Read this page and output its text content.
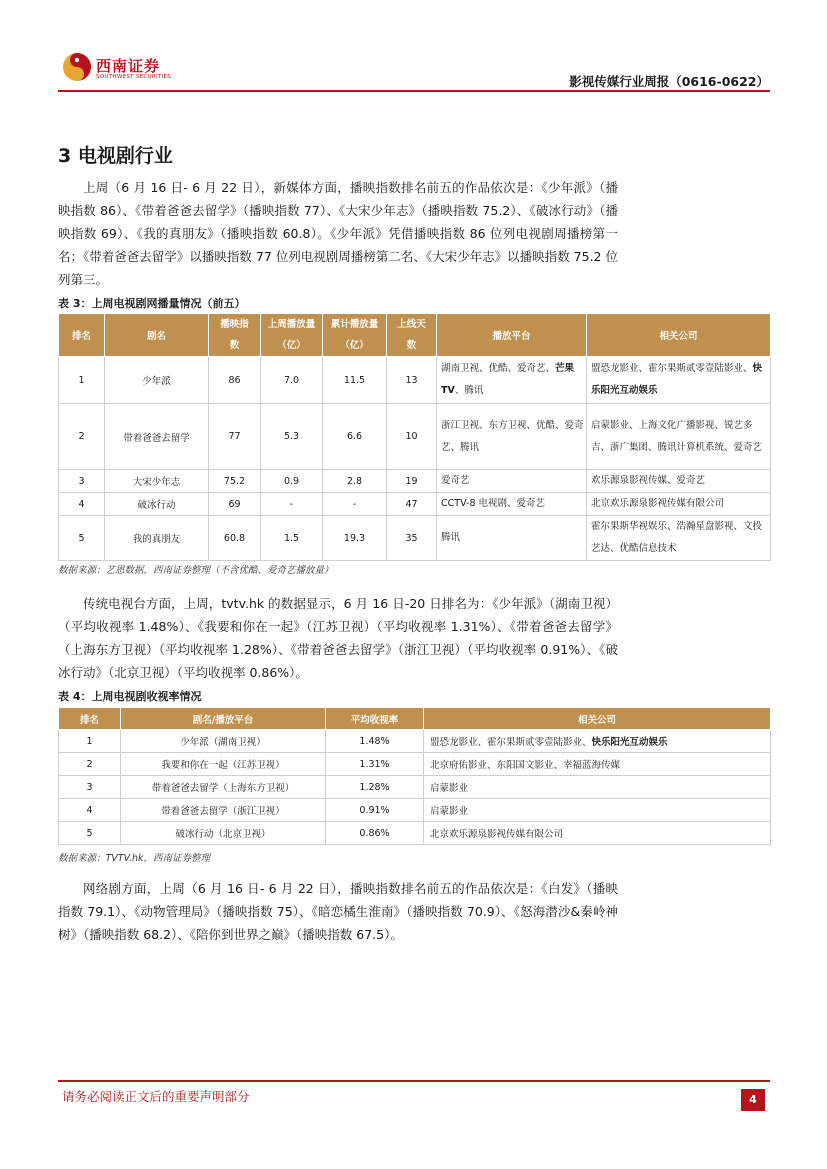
西南证券
SOUTHWEST SECURITIES	影视传媒行业周报（0616-0622）
3 电视剧行业

上周（6 月 16 日- 6 月 22 日），新媒体方面，播映指数排名前五的作品依次是：《少年派》（播映指数 86）、《带着爸爸去留学》（播映指数 77）、《大宋少年志》（播映指数 75.2）、《破冰行动》（播映指数 69）、《我的真朋友》（播映指数 60.8）。《少年派》凭借播映指数 86 位列电视剧周播榜第一名；《带着爸爸去留学》以播映指数 77 位列电视剧周播榜第二名、《大宋少年志》以播映指数 75.2 位列第三。

表 3：上周电视剧网播量情况（前五）
排名	剧名	播映指数	上周播放量（亿）	累计播放量（亿）	上线天数	播放平台	相关公司
1	少年派	86	7.0	11.5	13	湖南卫视、优酷、爱奇艺、芒果 TV、腾讯	盟恐龙影业、霍尔果斯贰零壹陆影业、快乐阳光互动娱乐
2	带着爸爸去留学	77	5.3	6.6	10	浙江卫视、东方卫视、优酷、爱奇艺、腾讯	启蒙影业、上海文化广播影视、锐艺多吉、浙广集团、腾讯计算机系统、爱奇艺
3	大宋少年志	75.2	0.9	2.8	19	爱奇艺	欢乐源泉影视传媒、爱奇艺
4	破冰行动	69	-	-	47	CCTV-8 电视剧、爱奇艺	北京欢乐源泉影视传媒有限公司
5	我的真朋友	60.8	1.5	19.3	35	腾讯	霍尔果斯华视娱乐、浩瀚星盘影视、文投艺达、优酷信息技术
数据来源：艺恩数据，西南证券整理（不含优酷、爱奇艺播放量）

传统电视台方面，上周，tvtv.hk 的数据显示，6 月 16 日-20 日排名为：《少年派》（湖南卫视）（平均收视率 1.48%）、《我要和你在一起》（江苏卫视）（平均收视率 1.31%）、《带着爸爸去留学》（上海东方卫视）（平均收视率 1.28%）、《带着爸爸去留学》（浙江卫视）（平均收视率 0.91%）、《破冰行动》（北京卫视）（平均收视率 0.86%）。

表 4：上周电视剧收视率情况
排名	剧名/播放平台	平均收视率	相关公司
1	少年派（湖南卫视）	1.48%	盟恐龙影业、霍尔果斯贰零壹陆影业、快乐阳光互动娱乐
2	我要和你在一起（江苏卫视）	1.31%	北京府佑影业、东阳国文影业、幸福蓝海传媒
3	带着爸爸去留学（上海东方卫视）	1.28%	启蒙影业
4	带着爸爸去留学（浙江卫视）	0.91%	启蒙影业
5	破冰行动（北京卫视）	0.86%	北京欢乐源泉影视传媒有限公司
数据来源：TVTV.hk，西南证券整理

网络剧方面，上周（6 月 16 日- 6 月 22 日），播映指数排名前五的作品依次是：《白发》（播映指数 79.1）、《动物管理局》（播映指数 75）、《暗恋橘生淮南》（播映指数 70.9）、《怒海潜沙&秦岭神树》（播映指数 68.2）、《陪你到世界之巅》（播映指数 67.5）。

请务必阅读正文后的重要声明部分	4
